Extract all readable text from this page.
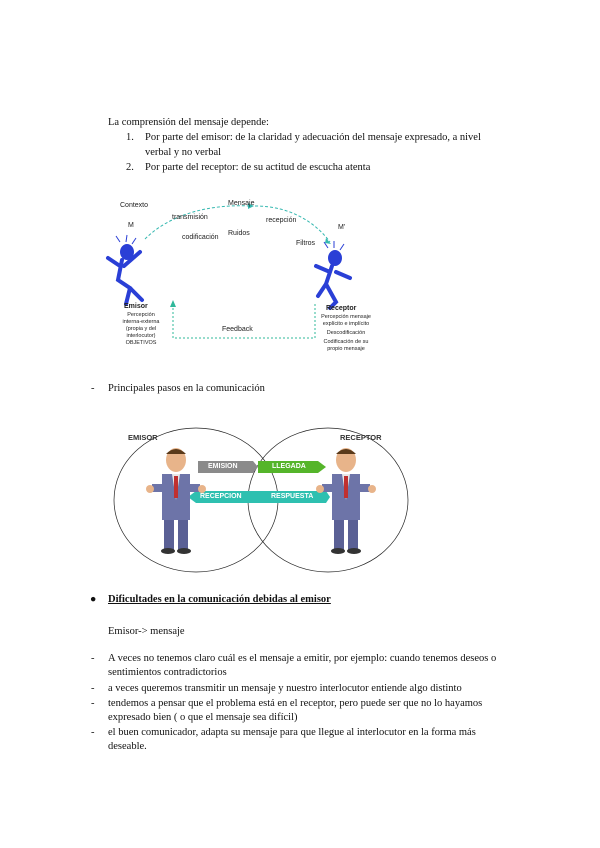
La comprensión del mensaje depende:
1. Por parte del emisor: de la claridad y adecuación del mensaje expresado, a nivel
verbal y no verbal
2. Por parte del receptor: de su actitud de escucha atenta
Contexto	Mensaje
M	M'
transmisión
codificación
Ruidos
recepción
Filtros
Feedback
Emisor
Percepción
interna-externa
(propia y del
interlocutor)
OBJETIVOS
Receptor
Percepción mensaje
explícito e implícito
Descodificación
Codificación de su
propio mensaje
- Principales pasos en la comunicación
EMISOR	RECEPTOR
EMISION	LLEGADA
RECEPCION	RESPUESTA
● Dificultades en la comunicación debidas al emisor
Emisor-> mensaje
- A veces no tenemos claro cuál es el mensaje a emitir, por ejemplo: cuando tenemos deseos o
sentimientos contradictorios
- a veces queremos transmitir un mensaje y nuestro interlocutor entiende algo distinto
- tendemos a pensar que el problema está en el receptor, pero puede ser que no lo hayamos
expresado bien ( o que el mensaje sea difícil)
- el buen comunicador, adapta su mensaje para que llegue al interlocutor en la forma más
deseable.
